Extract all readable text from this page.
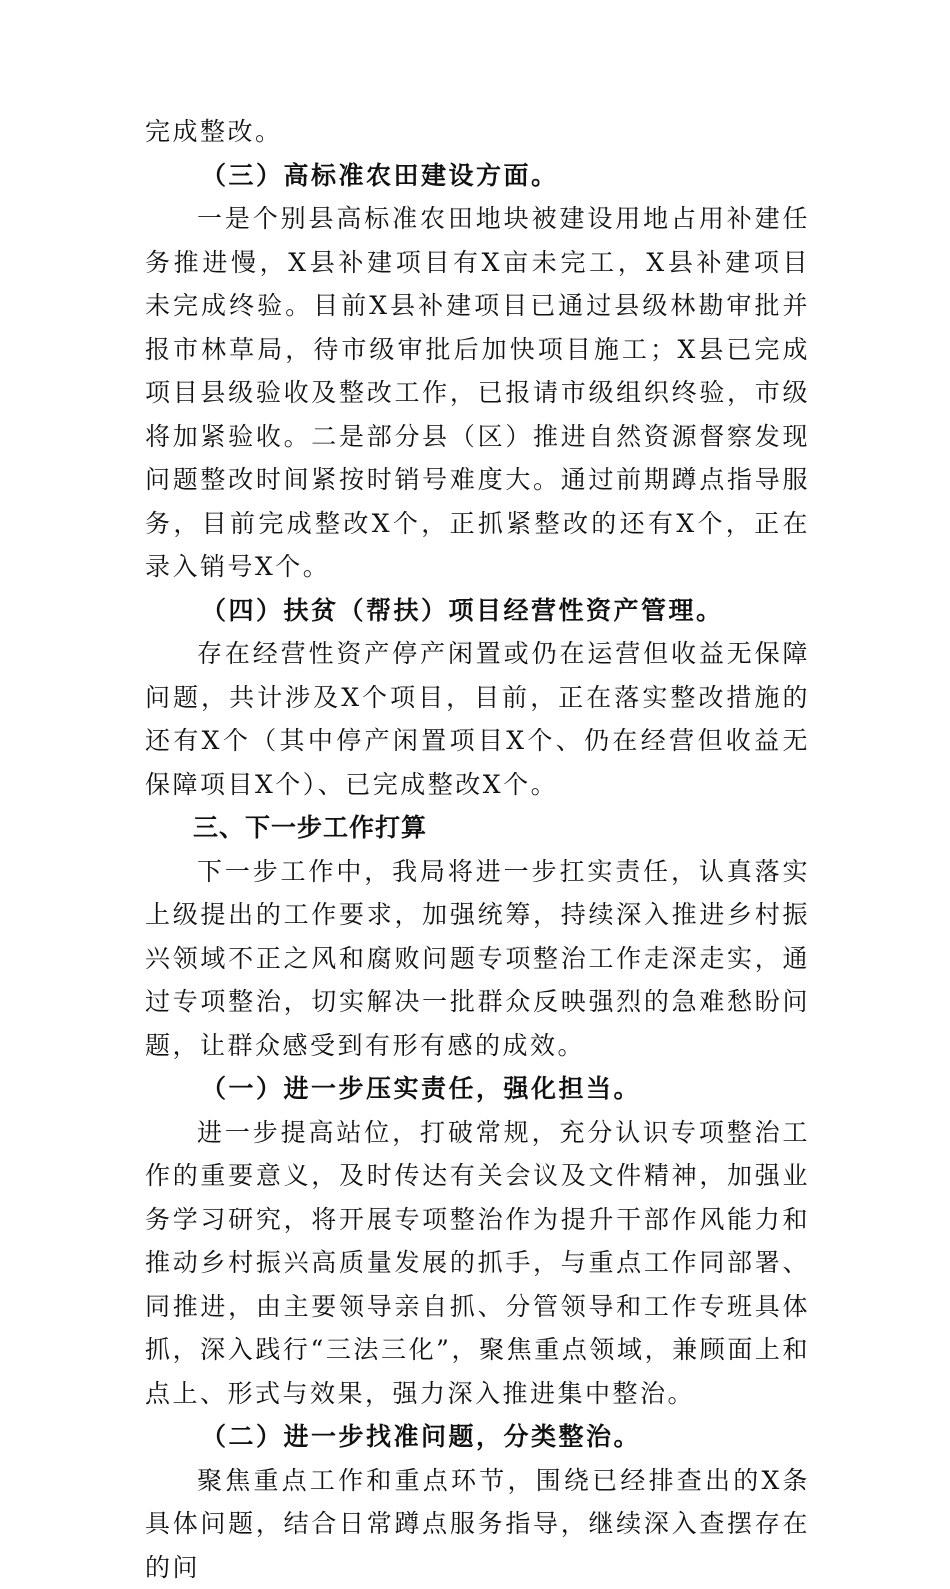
完成整改。

（三）高标准农田建设方面。

一是个别县高标准农田地块被建设用地占用补建任务推进慢，X县补建项目有X亩未完工，X县补建项目未完成终验。目前X县补建项目已通过县级林勘审批并报市林草局，待市级审批后加快项目施工；X县已完成项目县级验收及整改工作，已报请市级组织终验，市级将加紧验收。二是部分县（区）推进自然资源督察发现问题整改时间紧按时销号难度大。通过前期蹲点指导服务，目前完成整改X个，正抓紧整改的还有X个，正在录入销号X个。

（四）扶贫（帮扶）项目经营性资产管理。

存在经营性资产停产闲置或仍在运营但收益无保障问题，共计涉及X个项目，目前，正在落实整改措施的还有X个（其中停产闲置项目X个、仍在经营但收益无保障项目X个）、已完成整改X个。

三、下一步工作打算

下一步工作中，我局将进一步扛实责任，认真落实上级提出的工作要求，加强统筹，持续深入推进乡村振兴领域不正之风和腐败问题专项整治工作走深走实，通过专项整治，切实解决一批群众反映强烈的急难愁盼问题，让群众感受到有形有感的成效。

（一）进一步压实责任，强化担当。

进一步提高站位，打破常规，充分认识专项整治工作的重要意义，及时传达有关会议及文件精神，加强业务学习研究，将开展专项整治作为提升干部作风能力和推动乡村振兴高质量发展的抓手，与重点工作同部署、同推进，由主要领导亲自抓、分管领导和工作专班具体抓，深入践行“三法三化”，聚焦重点领域，兼顾面上和点上、形式与效果，强力深入推进集中整治。

（二）进一步找准问题，分类整治。

聚焦重点工作和重点环节，围绕已经排查出的X条具体问题，结合日常蹲点服务指导，继续深入查摆存在的问
